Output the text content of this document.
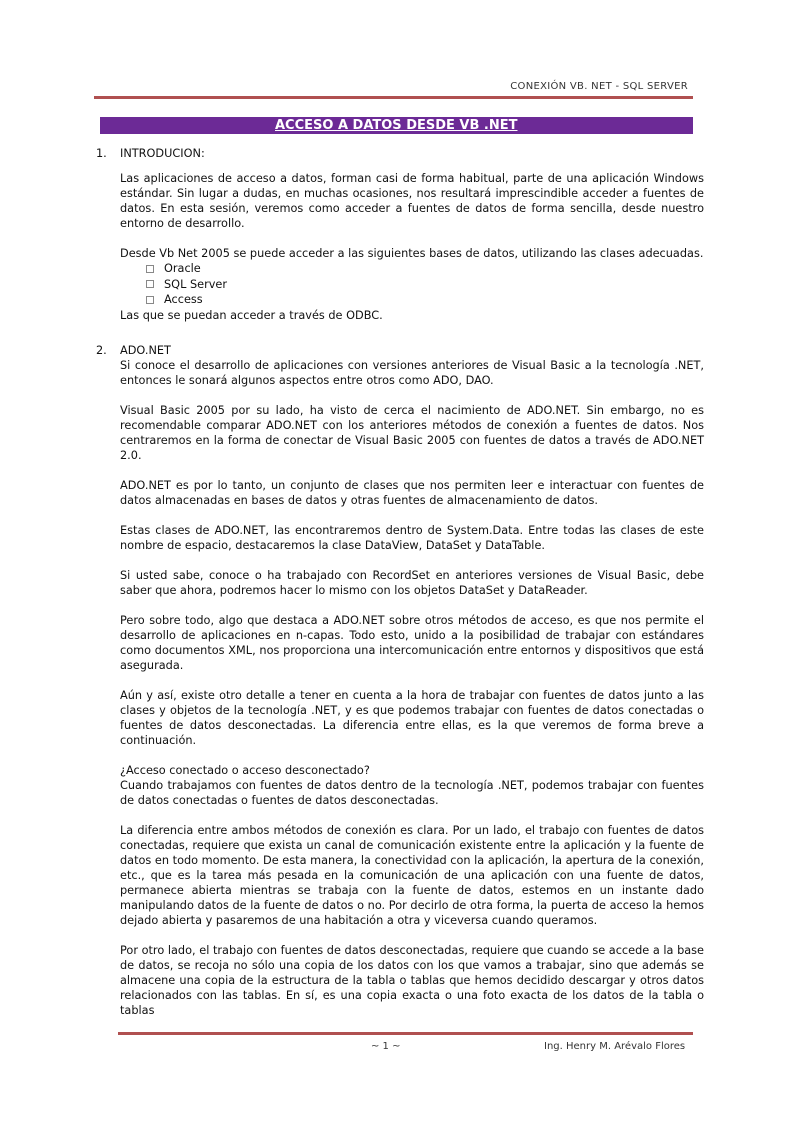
CONEXIÓN VB. NET - SQL SERVER
ACCESO A DATOS DESDE VB .NET
1.	INTRODUCION:

Las aplicaciones de acceso a datos, forman casi de forma habitual, parte de una aplicación Windows estándar. Sin lugar a dudas, en muchas ocasiones, nos resultará imprescindible acceder a fuentes de datos. En esta sesión, veremos como acceder a fuentes de datos de forma sencilla, desde nuestro entorno de desarrollo.

Desde Vb Net 2005 se puede acceder a las siguientes bases de datos, utilizando las clases adecuadas.

Oracle
SQL Server
Access

Las que se puedan acceder a través de ODBC.

2.	ADO.NET

Si conoce el desarrollo de aplicaciones con versiones anteriores de Visual Basic a la tecnología .NET, entonces le sonará algunos aspectos entre otros como ADO, DAO.

Visual Basic 2005 por su lado, ha visto de cerca el nacimiento de ADO.NET. Sin embargo, no es recomendable comparar ADO.NET con los anteriores métodos de conexión a fuentes de datos. Nos centraremos en la forma de conectar de Visual Basic 2005 con fuentes de datos a través de ADO.NET 2.0.

ADO.NET es por lo tanto, un conjunto de clases que nos permiten leer e interactuar con fuentes de datos almacenadas en bases de datos y otras fuentes de almacenamiento de datos.

Estas clases de ADO.NET, las encontraremos dentro de System.Data. Entre todas las clases de este nombre de espacio, destacaremos la clase DataView, DataSet y DataTable.

Si usted sabe, conoce o ha trabajado con RecordSet en anteriores versiones de Visual Basic, debe saber que ahora, podremos hacer lo mismo con los objetos DataSet y DataReader.

Pero sobre todo, algo que destaca a ADO.NET sobre otros métodos de acceso, es que nos permite el desarrollo de aplicaciones en n-capas. Todo esto, unido a la posibilidad de trabajar con estándares como documentos XML, nos proporciona una intercomunicación entre entornos y dispositivos que está asegurada.

Aún y así, existe otro detalle a tener en cuenta a la hora de trabajar con fuentes de datos junto a las clases y objetos de la tecnología .NET, y es que podemos trabajar con fuentes de datos conectadas o fuentes de datos desconectadas. La diferencia entre ellas, es la que veremos de forma breve a continuación.

¿Acceso conectado o acceso desconectado?

Cuando trabajamos con fuentes de datos dentro de la tecnología .NET, podemos trabajar con fuentes de datos conectadas o fuentes de datos desconectadas.

La diferencia entre ambos métodos de conexión es clara. Por un lado, el trabajo con fuentes de datos conectadas, requiere que exista un canal de comunicación existente entre la aplicación y la fuente de datos en todo momento. De esta manera, la conectividad con la aplicación, la apertura de la conexión, etc., que es la tarea más pesada en la comunicación de una aplicación con una fuente de datos, permanece abierta mientras se trabaja con la fuente de datos, estemos en un instante dado manipulando datos de la fuente de datos o no. Por decirlo de otra forma, la puerta de acceso la hemos dejado abierta y pasaremos de una habitación a otra y viceversa cuando queramos.

Por otro lado, el trabajo con fuentes de datos desconectadas, requiere que cuando se accede a la base de datos, se recoja no sólo una copia de los datos con los que vamos a trabajar, sino que además se almacene una copia de la estructura de la tabla o tablas que hemos decidido descargar y otros datos relacionados con las tablas. En sí, es una copia exacta o una foto exacta de los datos de la tabla o tablas

~ 1 ~	Ing. Henry M. Arévalo Flores
